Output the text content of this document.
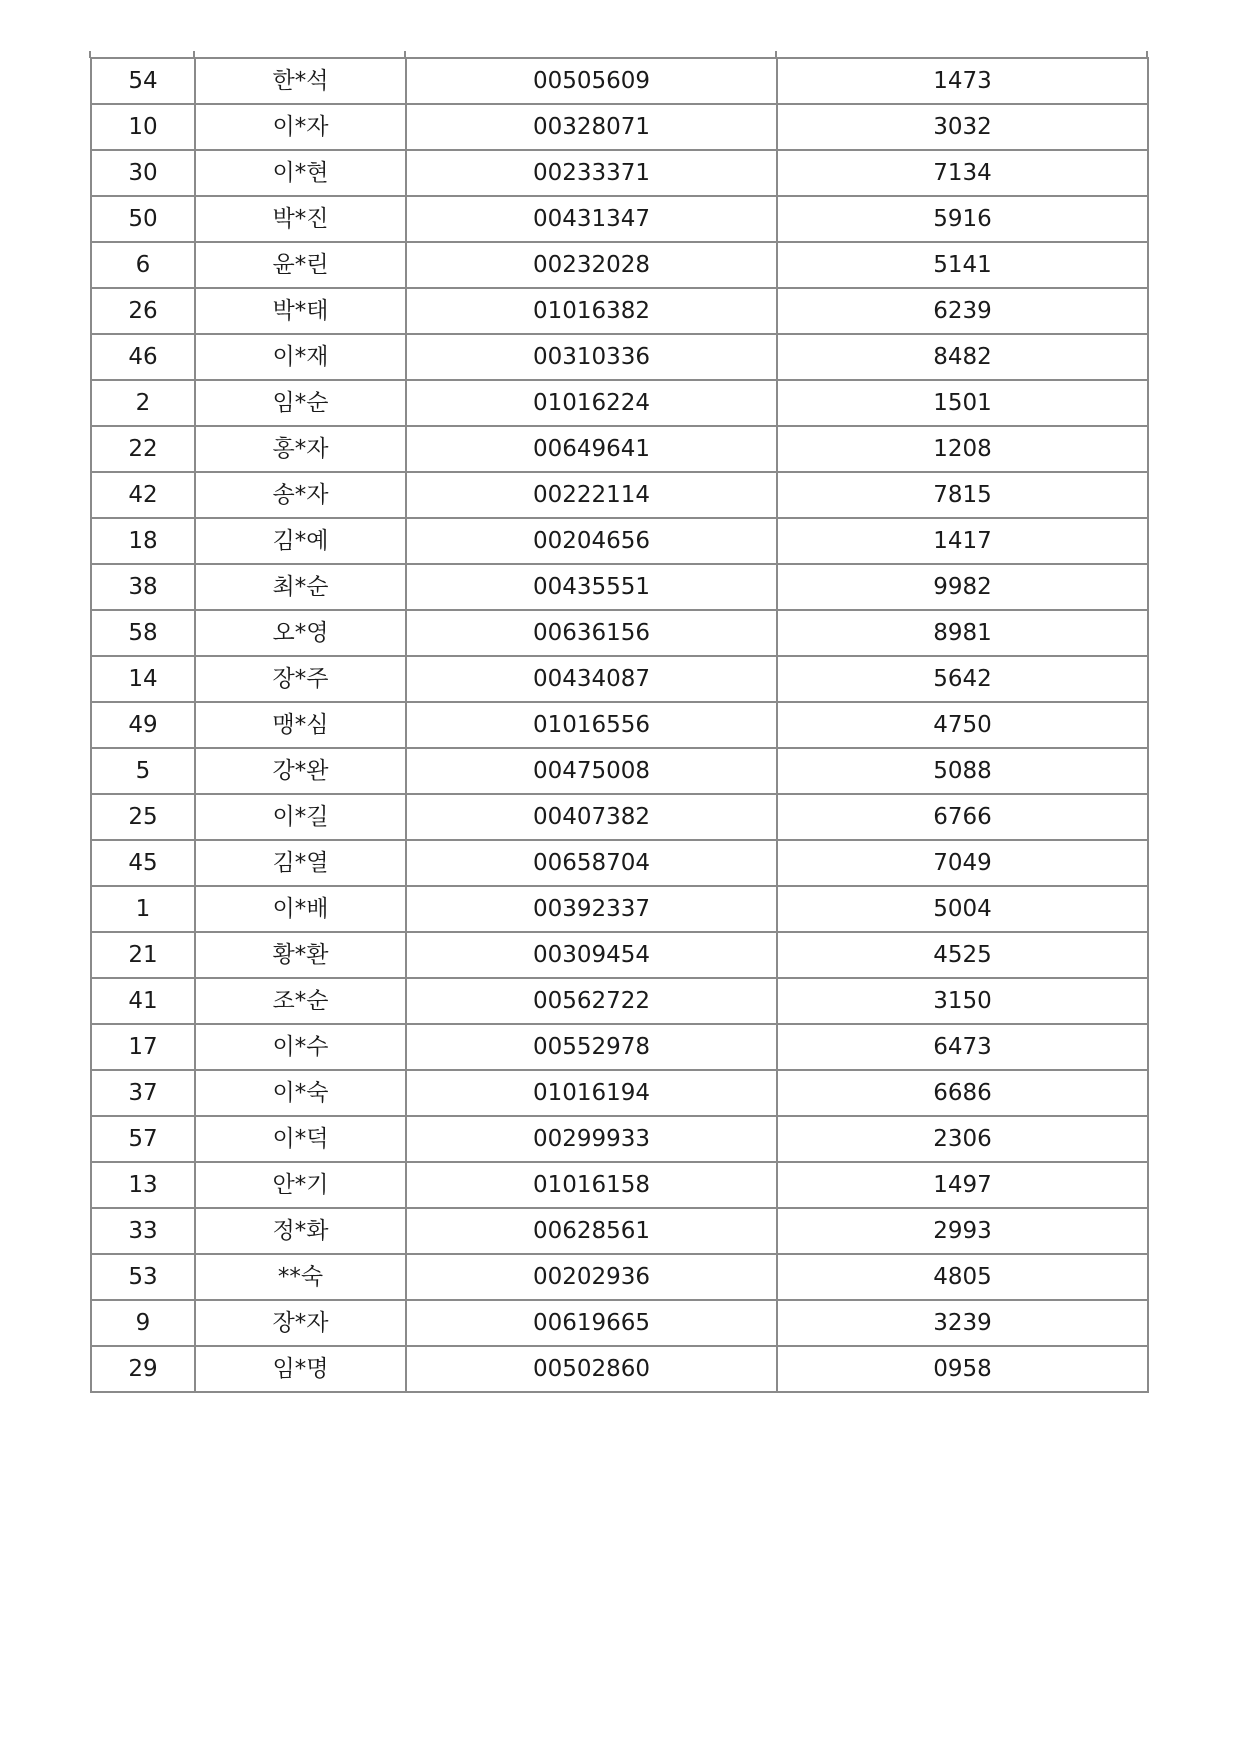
54	한*석	00505609	1473
10	이*자	00328071	3032
30	이*현	00233371	7134
50	박*진	00431347	5916
6	윤*린	00232028	5141
26	박*태	01016382	6239
46	이*재	00310336	8482
2	임*순	01016224	1501
22	홍*자	00649641	1208
42	송*자	00222114	7815
18	김*예	00204656	1417
38	최*순	00435551	9982
58	오*영	00636156	8981
14	장*주	00434087	5642
49	맹*심	01016556	4750
5	강*완	00475008	5088
25	이*길	00407382	6766
45	김*열	00658704	7049
1	이*배	00392337	5004
21	황*환	00309454	4525
41	조*순	00562722	3150
17	이*수	00552978	6473
37	이*숙	01016194	6686
57	이*덕	00299933	2306
13	안*기	01016158	1497
33	정*화	00628561	2993
53	**숙	00202936	4805
9	장*자	00619665	3239
29	임*명	00502860	0958
